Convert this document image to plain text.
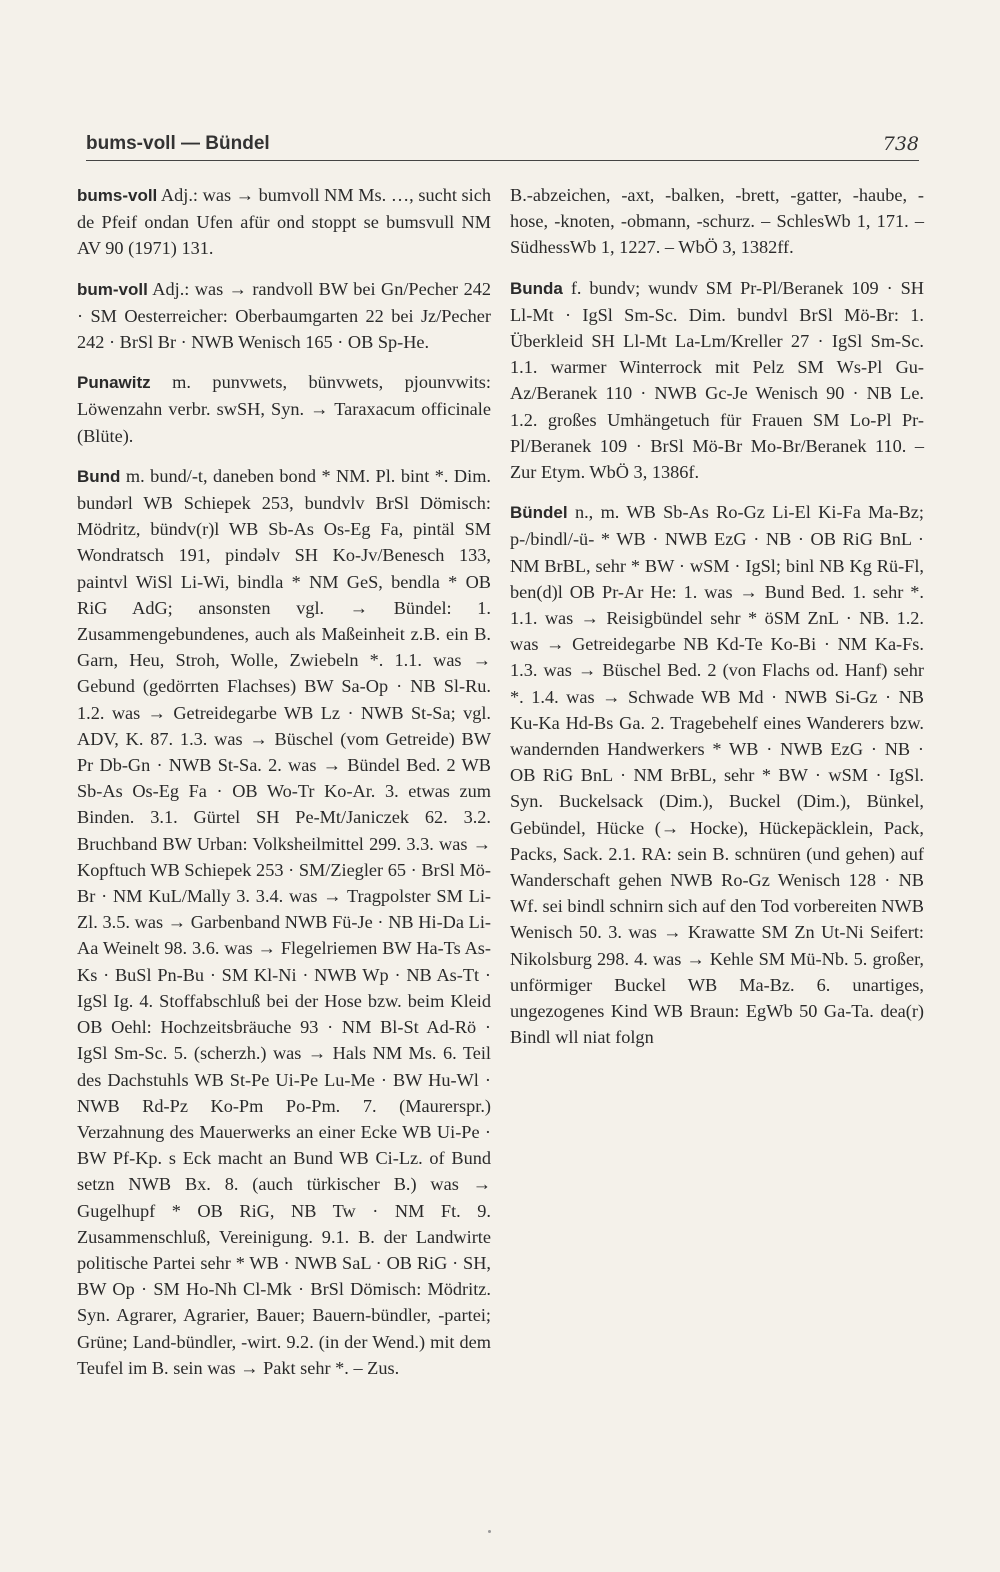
bums-voll — Bündel	738

bums-voll Adj.: was → bumvoll NM Ms. …, sucht sich de Pfeif ondan Ufen afür ond stoppt se bumsvull NM AV 90 (1971) 131.

bum-voll Adj.: was → randvoll BW bei Gn/Pecher 242 · SM Oesterreicher: Oberbaumgarten 22 bei Jz/Pecher 242 · BrSl Br · NWB Wenisch 165 · OB Sp-He.

Punawitz m. punvwets, bünvwets, pjounvwits: Löwenzahn verbr. swSH, Syn. → Taraxacum officinale (Blüte).

Bund m. bund/-t, daneben bond * NM. Pl. bint *. Dim. bundərl WB Schiepek 253, bundvlv BrSl Dömisch: Mödritz, bündv(r)l WB Sb-As Os-Eg Fa, pintäl SM Wondratsch 191, pindəlv SH Ko-Jv/Benesch 133, paintvl WiSl Li-Wi, bindla * NM GeS, bendla * OB RiG AdG; ansonsten vgl. → Bündel: 1. Zusammengebundenes, auch als Maßeinheit z.B. ein B. Garn, Heu, Stroh, Wolle, Zwiebeln *. 1.1. was → Gebund (gedörrten Flachses) BW Sa-Op · NB Sl-Ru. 1.2. was → Getreidegarbe WB Lz · NWB St-Sa; vgl. ADV, K. 87. 1.3. was → Büschel (vom Getreide) BW Pr Db-Gn · NWB St-Sa. 2. was → Bündel Bed. 2 WB Sb-As Os-Eg Fa · OB Wo-Tr Ko-Ar. 3. etwas zum Binden. 3.1. Gürtel SH Pe-Mt/Janiczek 62. 3.2. Bruchband BW Urban: Volksheilmittel 299. 3.3. was → Kopftuch WB Schiepek 253 · SM/Ziegler 65 · BrSl Mö-Br · NM KuL/Mally 3. 3.4. was → Tragpolster SM Li-Zl. 3.5. was → Garbenband NWB Fü-Je · NB Hi-Da Li-Aa Weinelt 98. 3.6. was → Flegelriemen BW Ha-Ts As-Ks · BuSl Pn-Bu · SM Kl-Ni · NWB Wp · NB As-Tt · IgSl Ig. 4. Stoffabschluß bei der Hose bzw. beim Kleid OB Oehl: Hochzeitsbräuche 93 · NM Bl-St Ad-Rö · IgSl Sm-Sc. 5. (scherzh.) was → Hals NM Ms. 6. Teil des Dachstuhls WB St-Pe Ui-Pe Lu-Me · BW Hu-Wl · NWB Rd-Pz Ko-Pm Po-Pm. 7. (Maurerspr.) Verzahnung des Mauerwerks an einer Ecke WB Ui-Pe · BW Pf-Kp. s Eck macht an Bund WB Ci-Lz. of Bund setzn NWB Bx. 8. (auch türkischer B.) was → Gugelhupf * OB RiG, NB Tw · NM Ft. 9. Zusammenschluß, Vereinigung. 9.1. B. der Landwirte politische Partei sehr * WB · NWB SaL · OB RiG · SH, BW Op · SM Ho-Nh Cl-Mk · BrSl Dömisch: Mödritz. Syn. Agrarer, Agrarier, Bauer; Bauern-bündler, -partei; Grüne; Land-bündler, -wirt. 9.2. (in der Wend.) mit dem Teufel im B. sein was → Pakt sehr *. – Zus.

B.-abzeichen, -axt, -balken, -brett, -gatter, -haube, -hose, -knoten, -obmann, -schurz. – SchlesWb 1, 171. – SüdhessWb 1, 1227. – WbÖ 3, 1382ff.

Bunda f. bundv; wundv SM Pr-Pl/Beranek 109 · SH Ll-Mt · IgSl Sm-Sc. Dim. bundvl BrSl Mö-Br: 1. Überkleid SH Ll-Mt La-Lm/Kreller 27 · IgSl Sm-Sc. 1.1. warmer Winterrock mit Pelz SM Ws-Pl Gu-Az/Beranek 110 · NWB Gc-Je Wenisch 90 · NB Le. 1.2. großes Umhängetuch für Frauen SM Lo-Pl Pr-Pl/Beranek 109 · BrSl Mö-Br Mo-Br/Beranek 110. – Zur Etym. WbÖ 3, 1386f.

Bündel n., m. WB Sb-As Ro-Gz Li-El Ki-Fa Ma-Bz; p-/bindl/-ü- * WB · NWB EzG · NB · OB RiG BnL · NM BrBL, sehr * BW · wSM · IgSl; binl NB Kg Rü-Fl, ben(d)l OB Pr-Ar He: 1. was → Bund Bed. 1. sehr *. 1.1. was → Reisigbündel sehr * öSM ZnL · NB. 1.2. was → Getreidegarbe NB Kd-Te Ko-Bi · NM Ka-Fs. 1.3. was → Büschel Bed. 2 (von Flachs od. Hanf) sehr *. 1.4. was → Schwade WB Md · NWB Si-Gz · NB Ku-Ka Hd-Bs Ga. 2. Tragebehelf eines Wanderers bzw. wandernden Handwerkers * WB · NWB EzG · NB · OB RiG BnL · NM BrBL, sehr * BW · wSM · IgSl. Syn. Buckelsack (Dim.), Buckel (Dim.), Bünkel, Gebündel, Hücke (→ Hocke), Hückepäcklein, Pack, Packs, Sack. 2.1. RA: sein B. schnüren (und gehen) auf Wanderschaft gehen NWB Ro-Gz Wenisch 128 · NB Wf. sei bindl schnirn sich auf den Tod vorbereiten NWB Wenisch 50. 3. was → Krawatte SM Zn Ut-Ni Seifert: Nikolsburg 298. 4. was → Kehle SM Mü-Nb. 5. großer, unförmiger Buckel WB Ma-Bz. 6. unartiges, ungezogenes Kind WB Braun: EgWb 50 Ga-Ta. dea(r) Bindl wll niat folgn
